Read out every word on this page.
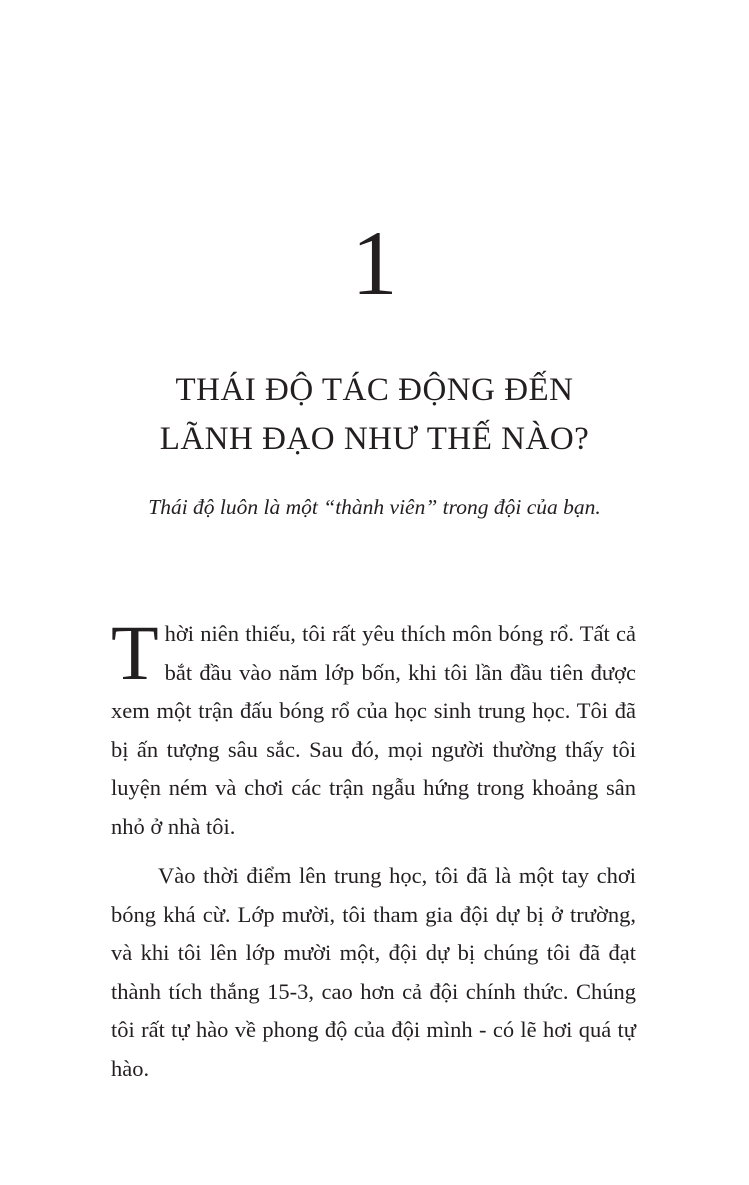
1
THÁI ĐỘ TÁC ĐỘNG ĐẾN
LÃNH ĐẠO NHƯ THẾ NÀO?
Thái độ luôn là một “thành viên” trong đội của bạn.

Thời niên thiếu, tôi rất yêu thích môn bóng rổ. Tất cả bắt đầu vào năm lớp bốn, khi tôi lần đầu tiên được xem một trận đấu bóng rổ của học sinh trung học. Tôi đã bị ấn tượng sâu sắc. Sau đó, mọi người thường thấy tôi luyện ném và chơi các trận ngẫu hứng trong khoảng sân nhỏ ở nhà tôi.

Vào thời điểm lên trung học, tôi đã là một tay chơi bóng khá cừ. Lớp mười, tôi tham gia đội dự bị ở trường, và khi tôi lên lớp mười một, đội dự bị chúng tôi đã đạt thành tích thắng 15-3, cao hơn cả đội chính thức. Chúng tôi rất tự hào về phong độ của đội mình - có lẽ hơi quá tự hào.
